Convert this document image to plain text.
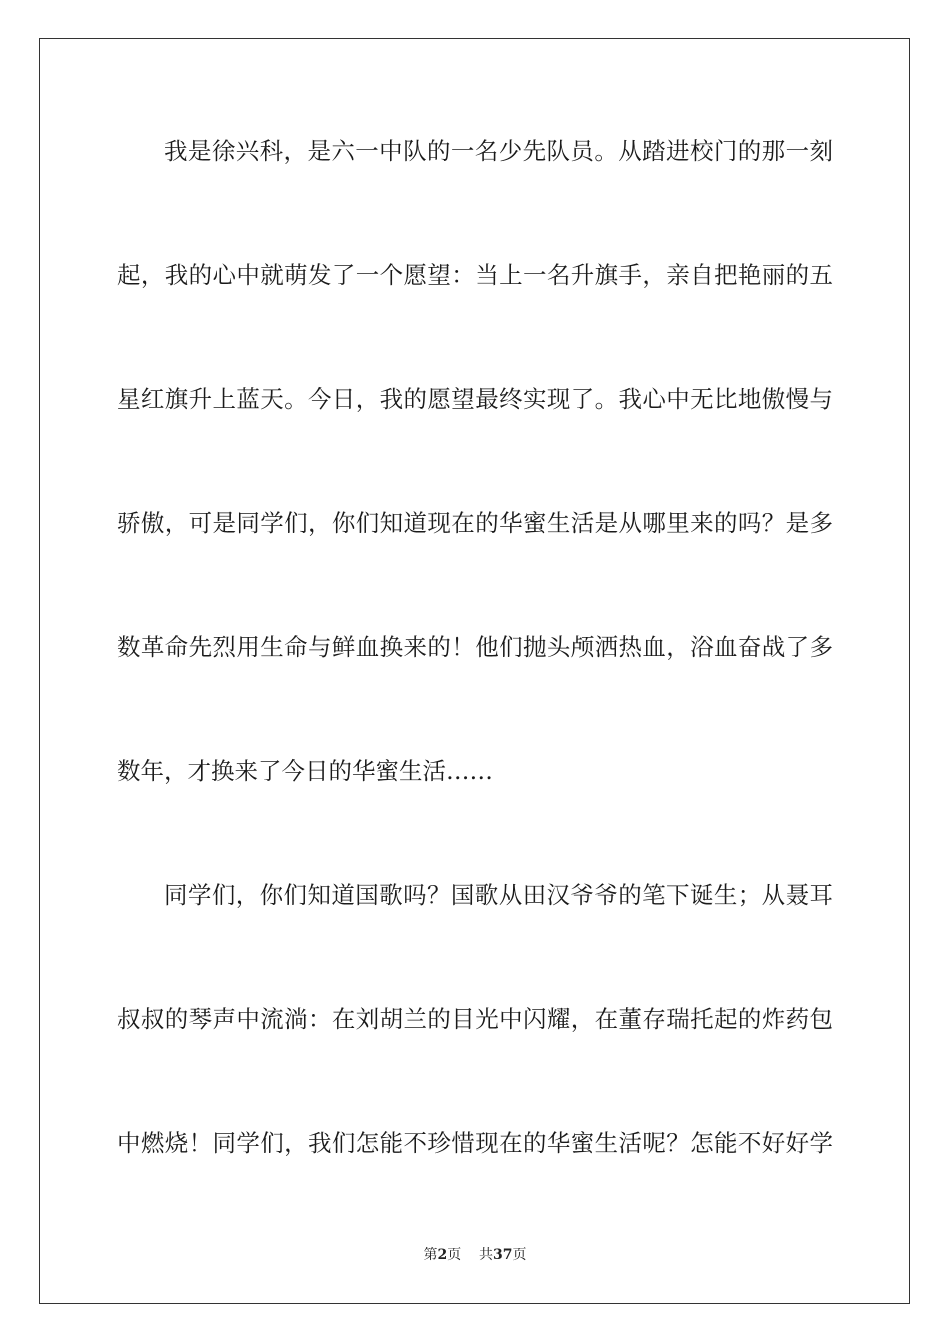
我是徐兴科，是六一中队的一名少先队员。从踏进校门的那一刻
起，我的心中就萌发了一个愿望：当上一名升旗手，亲自把艳丽的五
星红旗升上蓝天。今日，我的愿望最终实现了。我心中无比地傲慢与
骄傲，可是同学们，你们知道现在的华蜜生活是从哪里来的吗？是多
数革命先烈用生命与鲜血换来的！他们抛头颅洒热血，浴血奋战了多
数年，才换来了今日的华蜜生活……
同学们，你们知道国歌吗？国歌从田汉爷爷的笔下诞生；从聂耳
叔叔的琴声中流淌：在刘胡兰的目光中闪耀，在董存瑞托起的炸药包
中燃烧！同学们，我们怎能不珍惜现在的华蜜生活呢？怎能不好好学
第2页 共37页
